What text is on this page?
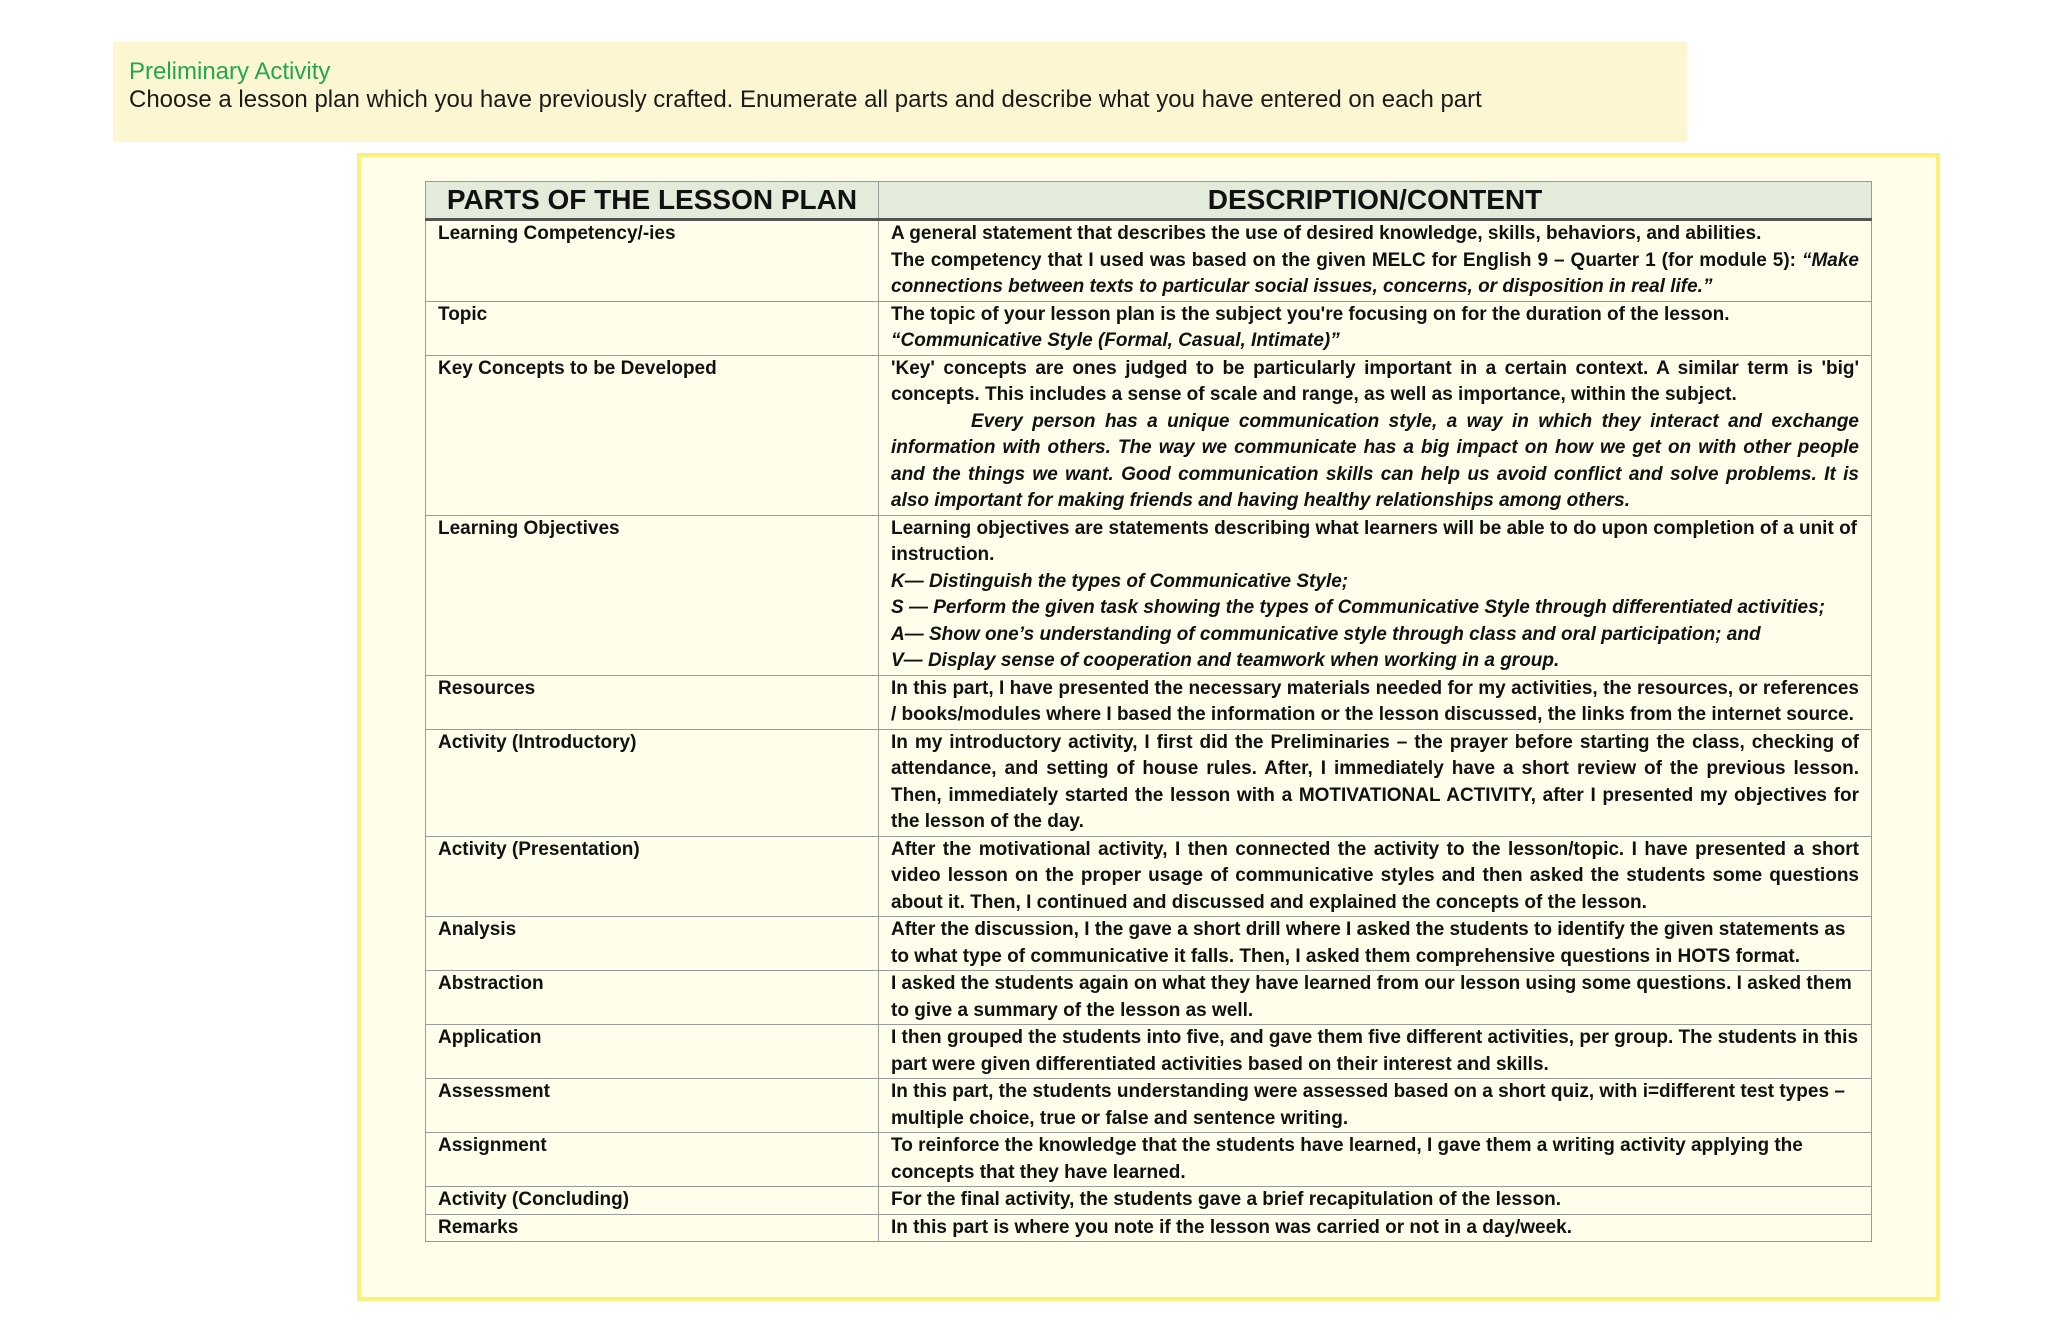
Preliminary Activity
Choose a lesson plan which you have previously crafted. Enumerate all parts and describe what you have entered on each part
PARTS OF THE LESSON PLAN	DESCRIPTION/CONTENT
Learning Competency/-ies	A general statement that describes the use of desired knowledge, skills, behaviors, and abilities.
The competency that I used was based on the given MELC for English 9 – Quarter 1 (for module 5): “Make connections between texts to particular social issues, concerns, or disposition in real life.”
Topic	The topic of your lesson plan is the subject you're focusing on for the duration of the lesson.
“Communicative Style (Formal, Casual, Intimate)”

Key Concepts to be Developed	'Key' concepts are ones judged to be particularly important in a certain context. A similar term is 'big' concepts. This includes a sense of scale and range, as well as importance, within the subject.
Every person has a unique communication style, a way in which they interact and exchange information with others. The way we communicate has a big impact on how we get on with other people and the things we want. Good communication skills can help us avoid conflict and solve problems. It is also important for making friends and having healthy relationships among others.

Learning Objectives	Learning objectives are statements describing what learners will be able to do upon completion of a unit of instruction.
K— Distinguish the types of Communicative Style;
S — Perform the given task showing the types of Communicative Style through differentiated activities;
A— Show one’s understanding of communicative style through class and oral participation; and
V— Display sense of cooperation and teamwork when working in a group.

Resources	In this part, I have presented the necessary materials needed for my activities, the resources, or references / books/modules where I based the information or the lesson discussed, the links from the internet source.
Activity (Introductory)	In my introductory activity, I first did the Preliminaries – the prayer before starting the class, checking of attendance, and setting of house rules. After, I immediately have a short review of the previous lesson. Then, immediately started the lesson with a MOTIVATIONAL ACTIVITY, after I presented my objectives for the lesson of the day.
Activity (Presentation)	After the motivational activity, I then connected the activity to the lesson/topic. I have presented a short video lesson on the proper usage of communicative styles and then asked the students some questions about it. Then, I continued and discussed and explained the concepts of the lesson.
Analysis	After the discussion, I the gave a short drill where I asked the students to identify the given statements as to what type of communicative it falls. Then, I asked them comprehensive questions in HOTS format.
Abstraction	I asked the students again on what they have learned from our lesson using some questions. I asked them to give a summary of the lesson as well.
Application	I then grouped the students into five, and gave them five different activities, per group. The students in this part were given differentiated activities based on their interest and skills.
Assessment	In this part, the students understanding were assessed based on a short quiz, with i=different test types – multiple choice, true or false and sentence writing.
Assignment	To reinforce the knowledge that the students have learned, I gave them a writing activity applying the concepts that they have learned.
Activity (Concluding)	For the final activity, the students gave a brief recapitulation of the lesson.
Remarks	In this part is where you note if the lesson was carried or not in a day/week.
